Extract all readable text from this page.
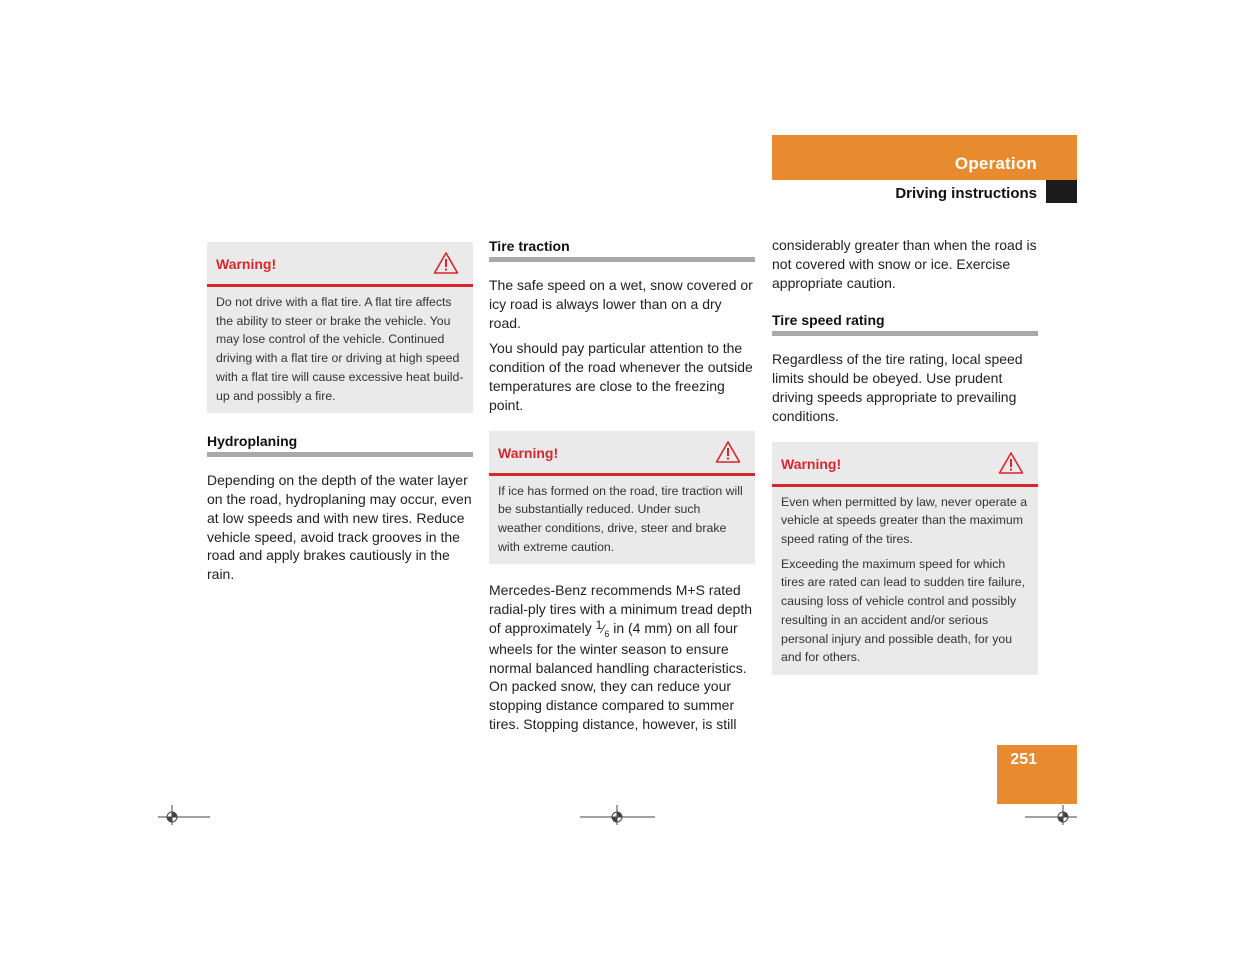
Operation
Driving instructions
Warning!

Do not drive with a flat tire. A flat tire affects the ability to steer or brake the vehicle. You may lose control of the vehicle. Continued driving with a flat tire or driving at high speed with a flat tire will cause excessive heat build-up and possibly a fire.

Hydroplaning

Depending on the depth of the water layer on the road, hydroplaning may occur, even at low speeds and with new tires. Reduce vehicle speed, avoid track grooves in the road and apply brakes cautiously in the rain.

Tire traction

The safe speed on a wet, snow covered or icy road is always lower than on a dry road.

You should pay particular attention to the condition of the road whenever the outside temperatures are close to the freezing point.

Warning!

If ice has formed on the road, tire traction will be substantially reduced. Under such weather conditions, drive, steer and brake with extreme caution.

Mercedes-Benz recommends M+S rated radial-ply tires with a minimum tread depth of approximately $1⁄_6$ in (4 mm) on all four wheels for the winter season to ensure normal balanced handling characteristics. On packed snow, they can reduce your stopping distance compared to summer tires. Stopping distance, however, is still

considerably greater than when the road is not covered with snow or ice. Exercise appropriate caution.

Tire speed rating

Regardless of the tire rating, local speed limits should be obeyed. Use prudent driving speeds appropriate to prevailing conditions.

Warning!

Even when permitted by law, never operate a vehicle at speeds greater than the maximum speed rating of the tires.

Exceeding the maximum speed for which tires are rated can lead to sudden tire failure, causing loss of vehicle control and possibly resulting in an accident and/or serious personal injury and possible death, for you and for others.

251
